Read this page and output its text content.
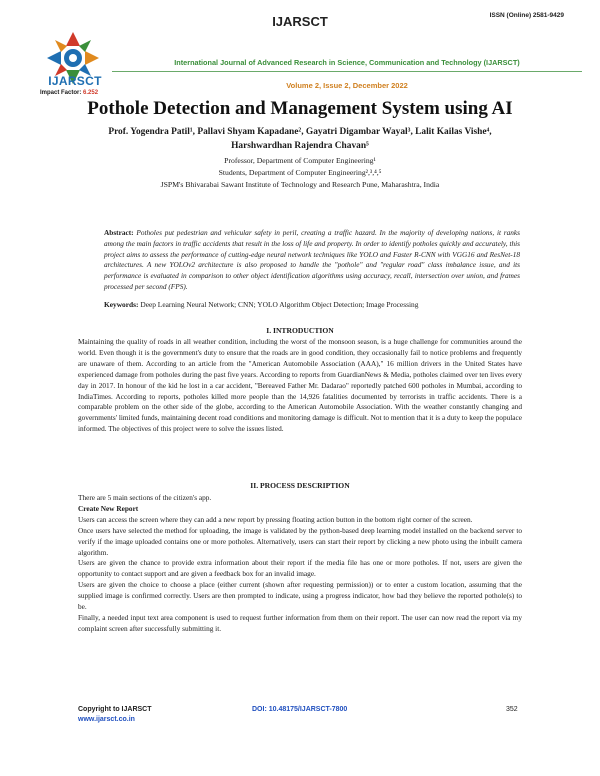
IJARSCT	ISSN (Online) 2581-9429
IJARSCT
Impact Factor: 6.252
International Journal of Advanced Research in Science, Communication and Technology (IJARSCT)
Volume 2, Issue 2, December 2022
Pothole Detection and Management System using AI
Prof. Yogendra Patil¹, Pallavi Shyam Kapadane², Gayatri Digambar Wayal³, Lalit Kailas Vishe⁴,
Harshwardhan Rajendra Chavan⁵
Professor, Department of Computer Engineering¹
Students, Department of Computer Engineering²,³,⁴,⁵
JSPM's Bhivarabai Sawant Institute of Technology and Research Pune, Maharashtra, India
Abstract: Potholes put pedestrian and vehicular safety in peril, creating a traffic hazard. In the majority of developing nations, it ranks among the main factors in traffic accidents that result in the loss of life and property. In order to identify potholes quickly and accurately, this project aims to assess the performance of cutting-edge neural network techniques like YOLO and Faster R-CNN with VGG16 and ResNet-18 architectures. A new YOLOv2 architecture is also proposed to handle the "pothole" and "regular road" class imbalance issue, and its performance is evaluated in comparison to other object identification algorithms using accuracy, recall, intersection over union, and frames processed per second (FPS).
Keywords: Deep Learning Neural Network; CNN; YOLO Algorithm Object Detection; Image Processing
I. INTRODUCTION
Maintaining the quality of roads in all weather condition, including the worst of the monsoon season, is a huge challenge for communities around the world. Even though it is the government's duty to ensure that the roads are in good condition, they occasionally fail to notice problems and frequently are unaware of them. According to an article from the "American Automobile Association (AAA)," 16 million drivers in the United States have experienced damage from potholes during the past five years. According to reports from GuardianNews & Media, potholes claimed over ten lives every day in 2017. In honour of the kid he lost in a car accident, "Bereaved Father Mr. Dadarao" reportedly patched 600 potholes in Mumbai, according to IndiaTimes. According to reports, potholes killed more people than the 14,926 fatalities documented by terrorists in traffic accidents. There is a comparable problem on the other side of the globe, according to the American Automobile Association. With the weather constantly changing and governments' limited funds, maintaining decent road conditions and monitoring damage is difficult. Not to mention that it is a duty to keep the populace informed. The objectives of this project were to solve the issues listed.
II. PROCESS DESCRIPTION

There are 5 main sections of the citizen's app.

Create New Report

Users can access the screen where they can add a new report by pressing floating action button in the bottom right corner of the screen.

Once users have selected the method for uploading, the image is validated by the python-based deep learning model installed on the backend server to verify if the image uploaded contains one or more potholes. Alternatively, users can start their report by clicking a new photo using the inbuilt camera algorithm.

Users are given the chance to provide extra information about their report if the media file has one or more potholes. If not, users are given the opportunity to contact support and are given a feedback box for an invalid image.

Users are given the choice to choose a place (either current (shown after requesting permission)) or to enter a custom location, assuming that the supplied image is confirmed correctly. Users are then prompted to indicate, using a progress indicator, how bad they believe the reported pothole(s) to be.

Finally, a needed input text area component is used to request further information from them on their report. The user can now read the report via my complaint screen after successfully submitting it.

Copyright to IJARSCT
www.ijarsct.co.in
DOI: 10.48175/IJARSCT-7800	352
